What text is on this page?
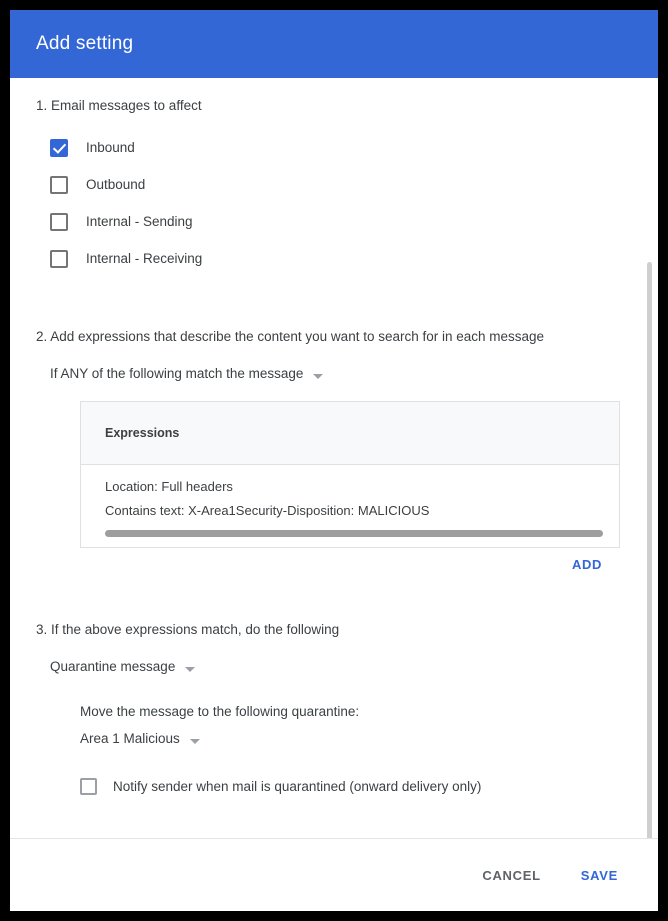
Add setting

1. Email messages to affect

Inbound
Outbound
Internal - Sending
Internal - Receiving

2. Add expressions that describe the content you want to search for in each message

If ANY of the following match the message
Expressions
Location: Full headers
Contains text: X-Area1Security-Disposition: MALICIOUS
ADD

3. If the above expressions match, do the following

Quarantine message
Move the message to the following quarantine:
Area 1 Malicious
Notify sender when mail is quarantined (onward delivery only)
CANCEL	SAVE
